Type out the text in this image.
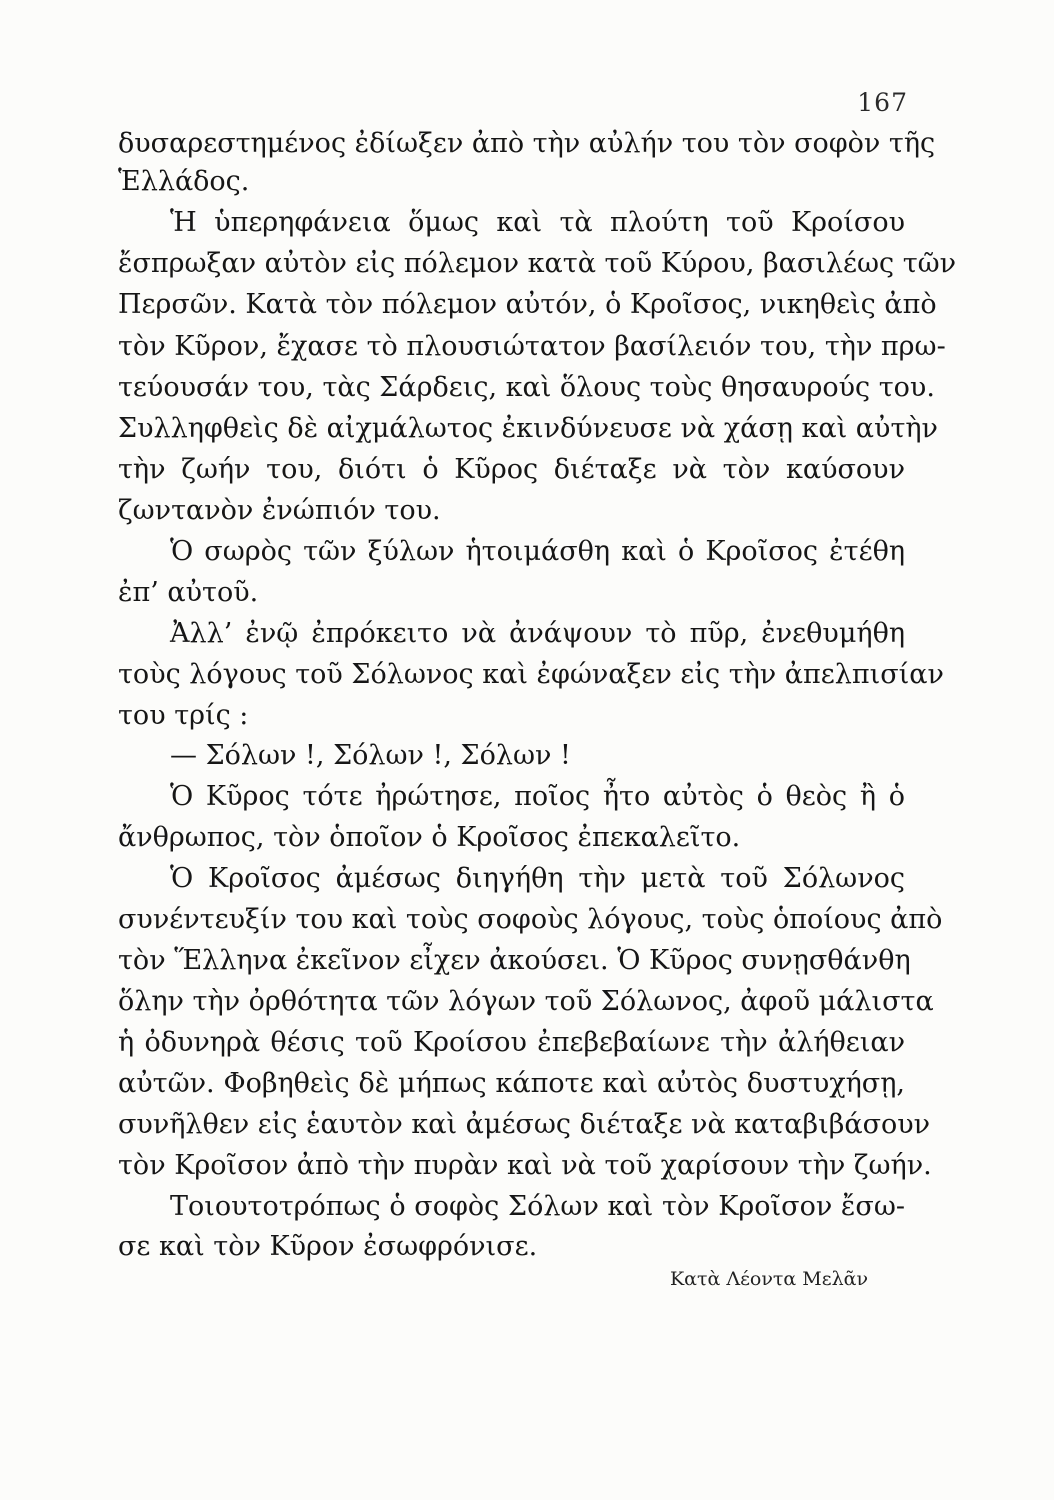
167
δυσαρεστημένος ἐδίωξεν ἀπὸ τὴν αὐλήν του τὸν σοφὸν τῆς
Ἑλλάδος.
Ἡ ὑπερηφάνεια ὅμως καὶ τὰ πλούτη τοῦ Κροίσου
ἔσπρωξαν αὐτὸν εἰς πόλεμον κατὰ τοῦ Κύρου, βασιλέως τῶν
Περσῶν. Κατὰ τὸν πόλεμον αὐτόν, ὁ Κροῖσος, νικηθεὶς ἀπὸ
τὸν Κῦρον, ἔχασε τὸ πλουσιώτατον βασίλειόν του, τὴν πρω-
τεύουσάν του, τὰς Σάρδεις, καὶ ὅλους τοὺς θησαυρούς του.
Συλληφθεὶς δὲ αἰχμάλωτος ἐκινδύνευσε νὰ χάσῃ καὶ αὐτὴν
τὴν ζωήν του, διότι ὁ Κῦρος διέταξε νὰ τὸν καύσουν
ζωντανὸν ἐνώπιόν του.
Ὁ σωρὸς τῶν ξύλων ἡτοιμάσθη καὶ ὁ Κροῖσος ἐτέθη
ἐπ’ αὐτοῦ.
Ἀλλ’ ἐνῷ ἐπρόκειτο νὰ ἀνάψουν τὸ πῦρ, ἐνεθυμήθη
τοὺς λόγους τοῦ Σόλωνος καὶ ἐφώναξεν εἰς τὴν ἀπελπισίαν
του τρίς :
— Σόλων !, Σόλων !, Σόλων !
Ὁ Κῦρος τότε ἠρώτησε, ποῖος ἦτο αὐτὸς ὁ θεὸς ἢ ὁ
ἄνθρωπος, τὸν ὁποῖον ὁ Κροῖσος ἐπεκαλεῖτο.
Ὁ Κροῖσος ἀμέσως διηγήθη τὴν μετὰ τοῦ Σόλωνος
συνέντευξίν του καὶ τοὺς σοφοὺς λόγους, τοὺς ὁποίους ἀπὸ
τὸν Ἕλληνα ἐκεῖνον εἶχεν ἀκούσει. Ὁ Κῦρος συνῃσθάνθη
ὅλην τὴν ὀρθότητα τῶν λόγων τοῦ Σόλωνος, ἀφοῦ μάλιστα
ἡ ὀδυνηρὰ θέσις τοῦ Κροίσου ἐπεβεβαίωνε τὴν ἀλήθειαν
αὐτῶν. Φοβηθεὶς δὲ μήπως κάποτε καὶ αὐτὸς δυστυχήσῃ,
συνῆλθεν εἰς ἑαυτὸν καὶ ἀμέσως διέταξε νὰ καταβιβάσουν
τὸν Κροῖσον ἀπὸ τὴν πυρὰν καὶ νὰ τοῦ χαρίσουν τὴν ζωήν.
Τοιουτοτρόπως ὁ σοφὸς Σόλων καὶ τὸν Κροῖσον ἔσω-
σε καὶ τὸν Κῦρον ἐσωφρόνισε.
Κατὰ Λέοντα Μελᾶν
